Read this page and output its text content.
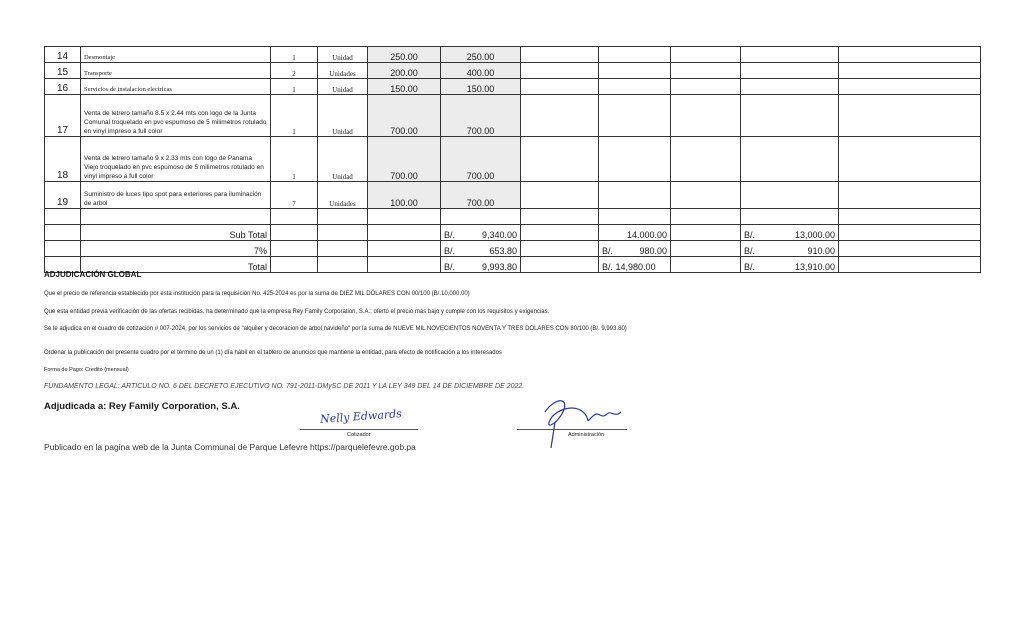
14	Desmontaje	1	Unidad	250.00	250.00					
15	Transporte	2	Unidades	200.00	400.00					
16	Servicios de instalacion electricas	1	Unidad	150.00	150.00					
17	Venta de letrero tamaño 8.5 x 2.44 mts con logo de la Junta Comunal troquelado en pvc espumoso de 5 milimetros rotulado en vinyl impreso a full color	1	Unidad	700.00	700.00					
18	Venta de letrero tamaño 9 x 2.33 mts con logo de Panama Viejo troquelado en pvc espumoso de 5 milimetros rotulado en vinyl impreso a full color	1	Unidad	700.00	700.00					
19	Suministro de luces tipo spot para exteriores para iluminación de arbol	7	Unidades	100.00	700.00					

	Sub Total				B/. 9,340.00		14.000.00		B/. 13,000.00	

	7%				B/. 653.80		B/. 980.00		B/. 910.00	

	Total				B/. 9,993.80		B/. 14,980.00		B/. 13,910.00	

ADJUDICACIÓN GLOBAL
Que el precio de referencia establecido por esta institución para la requisición No. 425-2024 es por la suma de DIEZ MIL DÓLARES CON 00/100 (B/.10,000.00)
Que esta entidad previa verificación de las ofertas recibidas, ha determinado que la empresa Rey Family Corporation, S.A.; ofertó el precio más bajo y cumple con los requisitos y exigencias.
Se le adjudica en el cuadro de cotización # 007-2024, por los servicios de "alquiler y decoracion de arbol navideño" por la suma de NUEVE MIL NOVECIENTOS NOVENTA Y TRES DOLARES CON 80/100 (B/. 9,993.80)
Ordenar la publicación del presente cuadro por el término de un (1) día hábil en el tablero de anuncios que mantiene la entidad, para efecto de notificación a los interesados
Forma de Pago: Credito (mensual)
FUNDAMENTO LEGAL: ARTICULO NO. 6 DEL DECRETO EJECUTIVO NO. 791-2011-DMySC DE 2011 Y LA LEY 349 DEL 14 DE DICIEMBRE DE 2022.
Adjudicada a: Rey Family Corporation, S.A.
Nelly Edwards
Cotizador	Administración
Publicado en la pagina web de la Junta Communal de Parque Lefevre https://parquelefevre.gob.pa
